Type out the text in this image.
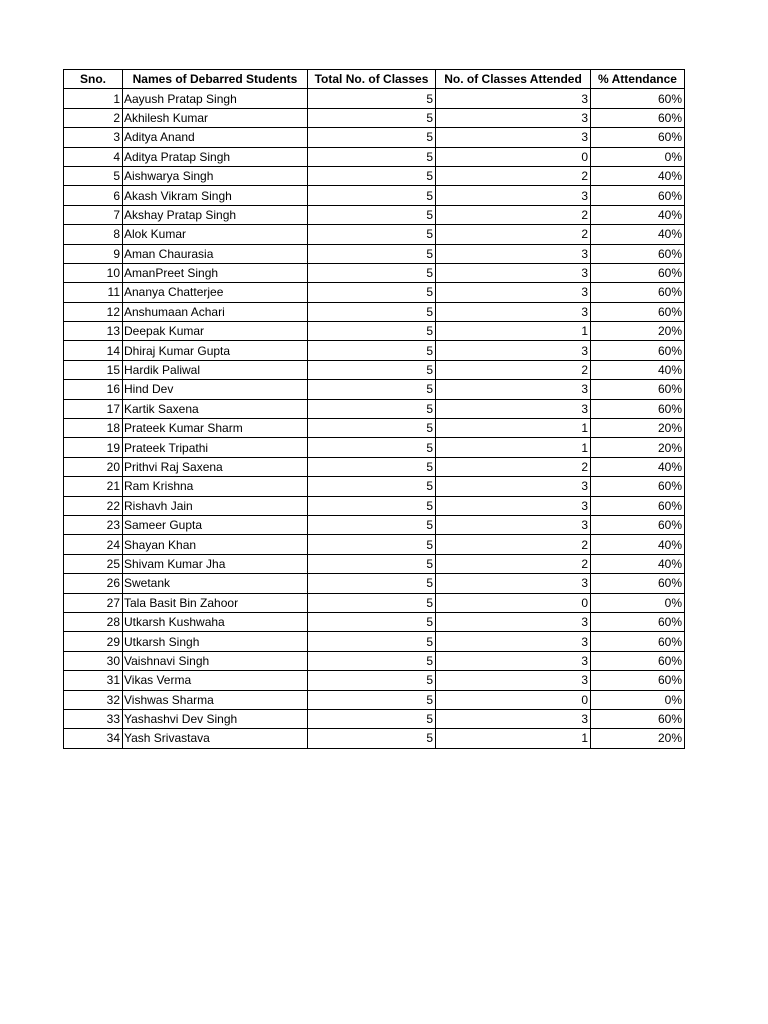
Sno.	Names of Debarred Students	Total No. of Classes	No. of Classes Attended	% Attendance
1	Aayush Pratap Singh	5	3	60%
2	Akhilesh Kumar	5	3	60%
3	Aditya Anand	5	3	60%
4	Aditya Pratap Singh	5	0	0%
5	Aishwarya Singh	5	2	40%
6	Akash Vikram Singh	5	3	60%
7	Akshay Pratap Singh	5	2	40%
8	Alok Kumar	5	2	40%
9	Aman Chaurasia	5	3	60%
10	AmanPreet Singh	5	3	60%
11	Ananya Chatterjee	5	3	60%
12	Anshumaan Achari	5	3	60%
13	Deepak Kumar	5	1	20%
14	Dhiraj Kumar Gupta	5	3	60%
15	Hardik Paliwal	5	2	40%
16	Hind Dev	5	3	60%
17	Kartik Saxena	5	3	60%
18	Prateek Kumar Sharm	5	1	20%
19	Prateek Tripathi	5	1	20%
20	Prithvi Raj Saxena	5	2	40%
21	Ram Krishna	5	3	60%
22	Rishavh Jain	5	3	60%
23	Sameer Gupta	5	3	60%
24	Shayan Khan	5	2	40%
25	Shivam Kumar Jha	5	2	40%
26	Swetank	5	3	60%
27	Tala Basit Bin Zahoor	5	0	0%
28	Utkarsh Kushwaha	5	3	60%
29	Utkarsh Singh	5	3	60%
30	Vaishnavi Singh	5	3	60%
31	Vikas Verma	5	3	60%
32	Vishwas Sharma	5	0	0%
33	Yashashvi Dev Singh	5	3	60%
34	Yash Srivastava	5	1	20%
